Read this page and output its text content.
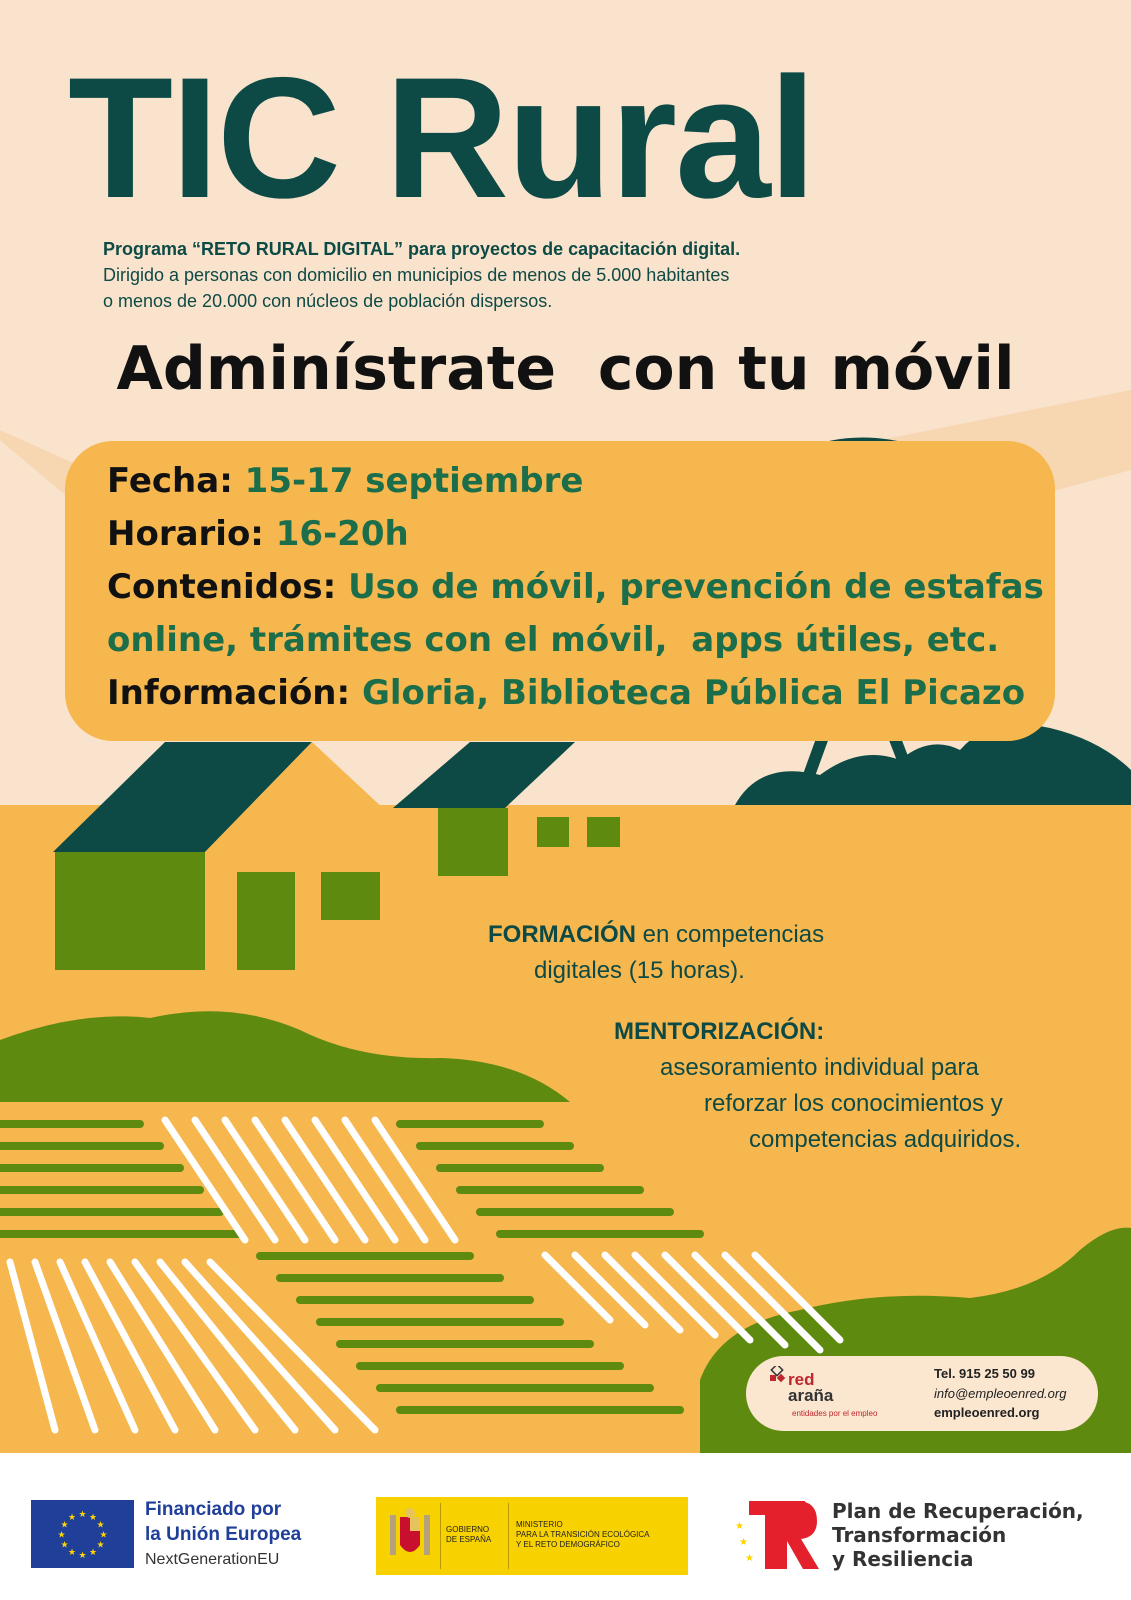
TIC Rural
Programa “RETO RURAL DIGITAL” para proyectos de capacitación digital.
Dirigido a personas con domicilio en municipios de menos de 5.000 habitantes
o menos de 20.000 con núcleos de población dispersos.
Adminístrate  con tu móvil
Fecha: 15-17 septiembre
Horario: 16-20h
Contenidos: Uso de móvil, prevención de estafas
online, trámites con el móvil,  apps útiles, etc.
Información: Gloria, Biblioteca Pública El Picazo
FORMACIÓN en competencias
digitales (15 horas).
MENTORIZACIÓN:
asesoramiento individual para
reforzar los conocimientos y
competencias adquiridos.
red
araña
entidades por el empleo
Tel. 915 25 50 99
info@empleoenred.org
empleoenred.org
★ ★
★
★
★
★
★
★
★
★
★
★	Financiado por
la Unión Europea
NextGenerationEU
GOBIERNO
DE ESPAÑA
MINISTERIO
PARA LA TRANSICIÓN ECOLÓGICA
Y EL RETO DEMOGRÁFICO
★
★
★
Plan de Recuperación,
Transformación
y Resiliencia
